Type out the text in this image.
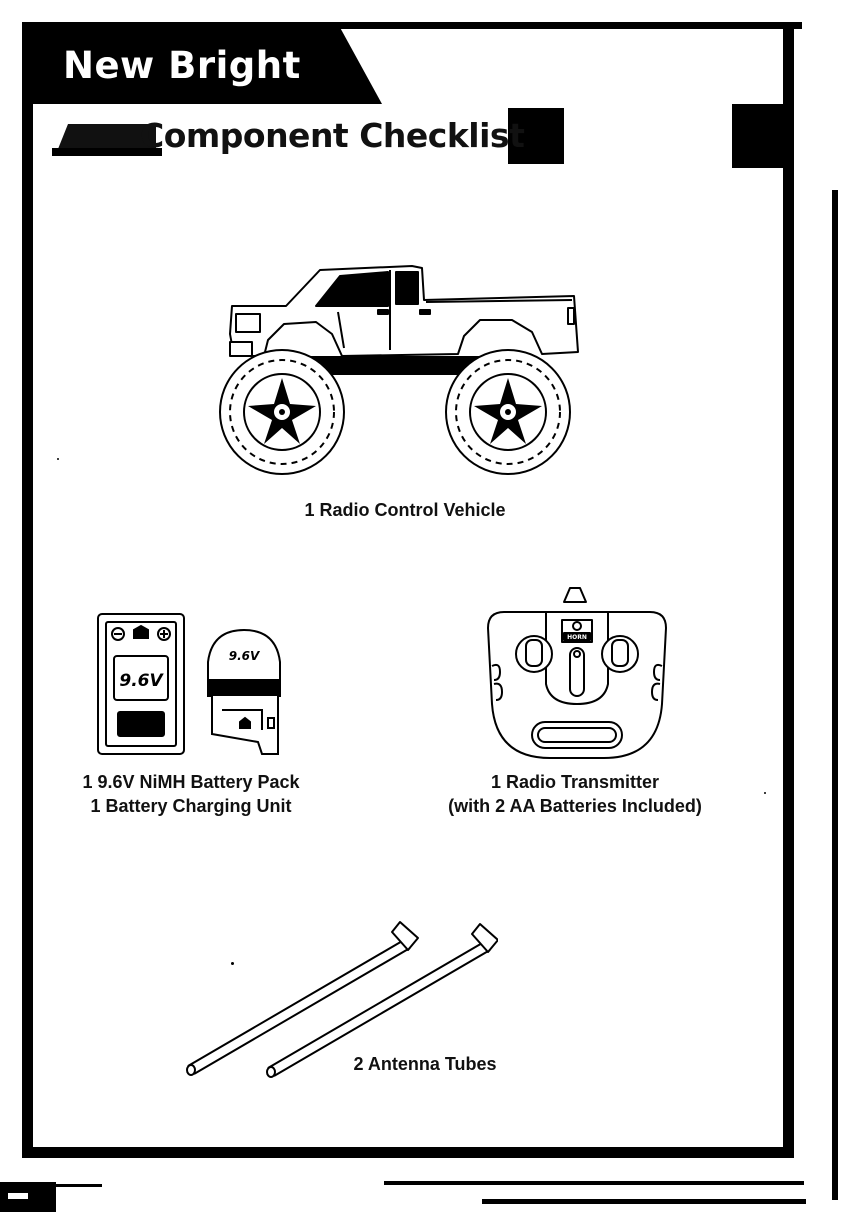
New Bright
Component Checklist
1 Radio Control Vehicle
9.6V
9.6V
1 9.6V NiMH Battery Pack
1 Battery Charging Unit
HORN
1 Radio Transmitter
(with 2 AA Batteries Included)
2 Antenna Tubes
